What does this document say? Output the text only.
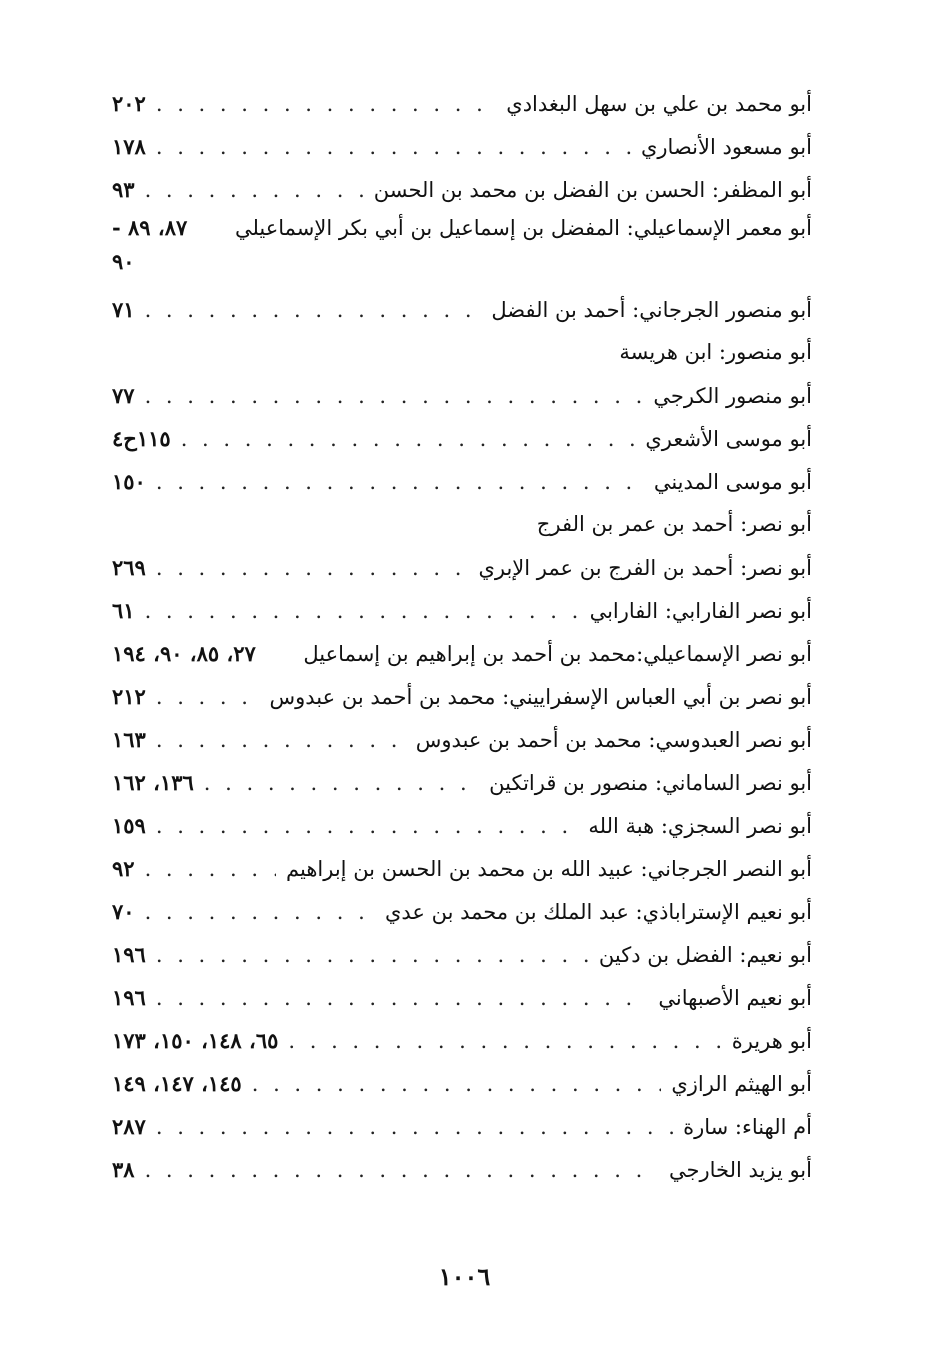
أبو محمد بن علي بن سهل البغدادي
. . .
٢٠٢
أبو مسعود الأنصاري
. . .
١٧٨
أبو المظفر: الحسن بن الفضل بن محمد بن الحسن
. . .
٩٣
أبو معمر الإسماعيلي: المفضل بن إسماعيل بن أبي بكر الإسماعيلي
٨٧، ٨٩ -
٩٠
أبو منصور الجرجاني: أحمد بن الفضل
. . .
٧١
أبو منصور: ابن هريسة
أبو منصور الكرجي
. . .
٧٧
أبو موسى الأشعري
. . .
١١٥ح٤
أبو موسى المديني
. . .
١٥٠
أبو نصر: أحمد بن عمر بن الفرج
أبو نصر: أحمد بن الفرج بن عمر الإبري
. . .
٢٦٩
أبو نصر الفارابي: الفارابي
. . .
٦١
أبو نصر الإسماعيلي:محمد بن أحمد بن إبراهيم بن إسماعيل
٢٧، ٨٥، ٩٠، ١٩٤
أبو نصر بن أبي العباس الإسفراييني: محمد بن أحمد بن عبدوس
. . .
٢١٢
أبو نصر العبدوسي: محمد بن أحمد بن عبدوس
. . .
١٦٣
أبو نصر الساماني: منصور بن قراتكين
. . .
١٣٦، ١٦٢
أبو نصر السجزي: هبة الله
. . .
١٥٩
أبو النصر الجرجاني: عبيد الله بن محمد بن الحسن بن إبراهيم
. . .
٩٢
أبو نعيم الإستراباذي: عبد الملك بن محمد بن عدي
. . .
٧٠
أبو نعيم: الفضل بن دكين
. . .
١٩٦
أبو نعيم الأصبهاني
. . .
١٩٦
أبو هريرة
. . .
٦٥، ١٤٨، ١٥٠، ١٧٣
أبو الهيثم الرازي
. . .
١٤٥، ١٤٧، ١٤٩
أم الهناء: سارة
. . .
٢٨٧
أبو يزيد الخارجي
. . .
٣٨
١٠٠٦
